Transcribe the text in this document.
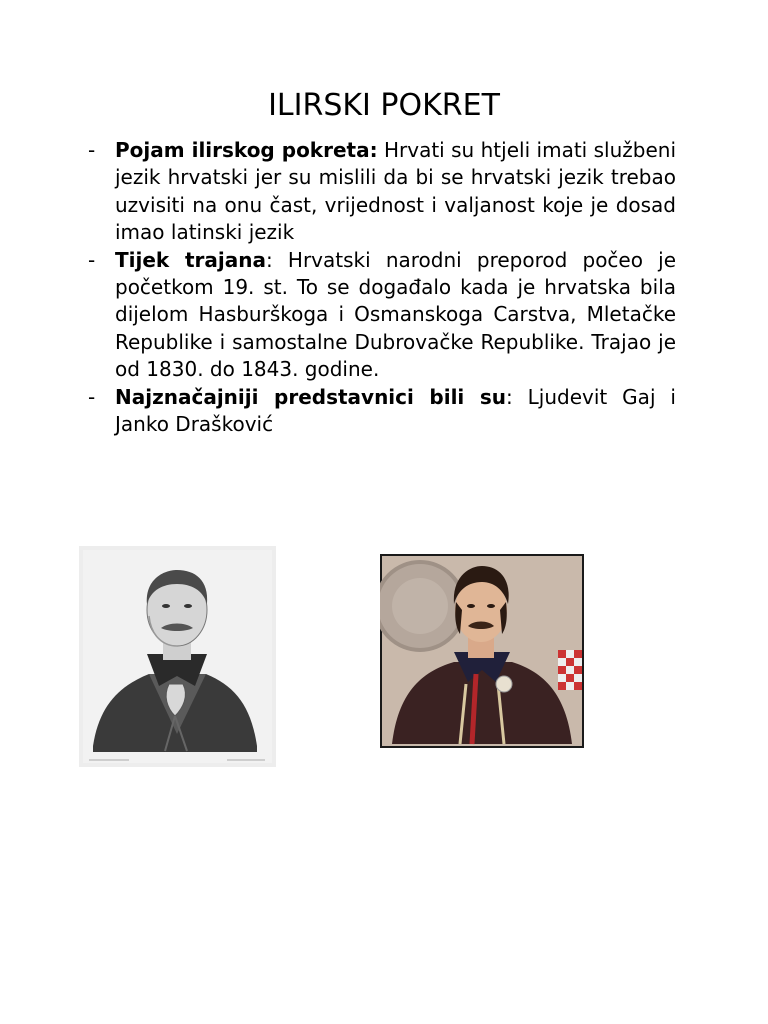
ILIRSKI POKRET
- Pojam ilirskog pokreta: Hrvati su htjeli imati službeni jezik hrvatski jer su mislili da bi se hrvatski jezik trebao uzvisiti na onu čast, vrijednost i valjanost koje je dosad imao latinski jezik
- Tijek trajana: Hrvatski narodni preporod počeo je početkom 19. st. To se događalo kada je hrvatska bila dijelom Hasburškoga i Osmanskoga Carstva, Mletačke Republike i samostalne Dubrovačke Republike. Trajao je od 1830. do 1843. godine.
- Najznačajniji predstavnici bili su: Ljudevit Gaj i Janko Drašković
